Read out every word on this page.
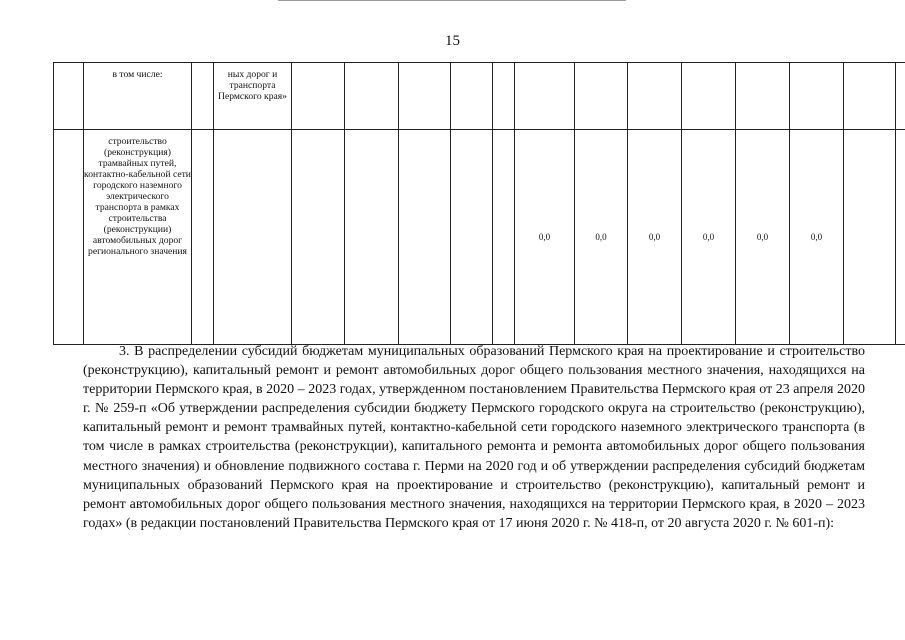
15
	в том числе:		ных дорог и транспорта Пермского края»													
	строительство (реконструкция) трамвайных путей, контактно-кабельной сети городского наземного электрического транспорта в рамках строительства (реконструкции) автомобильных дорог регионального значения								0,0	0,0	0,0	0,0	0,0	0,0		

3. В распределении субсидий бюджетам муниципальных образований Пермского края на проектирование и строительство (реконструкцию), капитальный ремонт и ремонт автомобильных дорог общего пользования местного значения, находящихся на территории Пермского края, в 2020 – 2023 годах, утвержденном постановлением Правительства Пермского края от 23 апреля 2020 г. № 259-п «Об утверждении распределения субсидии бюджету Пермского городского округа на строительство (реконструкцию), капитальный ремонт и ремонт трамвайных путей, контактно-кабельной сети городского наземного электрического транспорта (в том числе в рамках строительства (реконструкции), капитального ремонта и ремонта автомобильных дорог общего пользования местного значения) и обновление подвижного состава г. Перми на 2020 год и об утверждении распределения субсидий бюджетам муниципальных образований Пермского края на проектирование и строительство (реконструкцию), капитальный ремонт и ремонт автомобильных дорог общего пользования местного значения, находящихся на территории Пермского края, в 2020 – 2023 годах» (в редакции постановлений Правительства Пермского края от 17 июня 2020 г. № 418-п, от 20 августа 2020 г. № 601-п):
